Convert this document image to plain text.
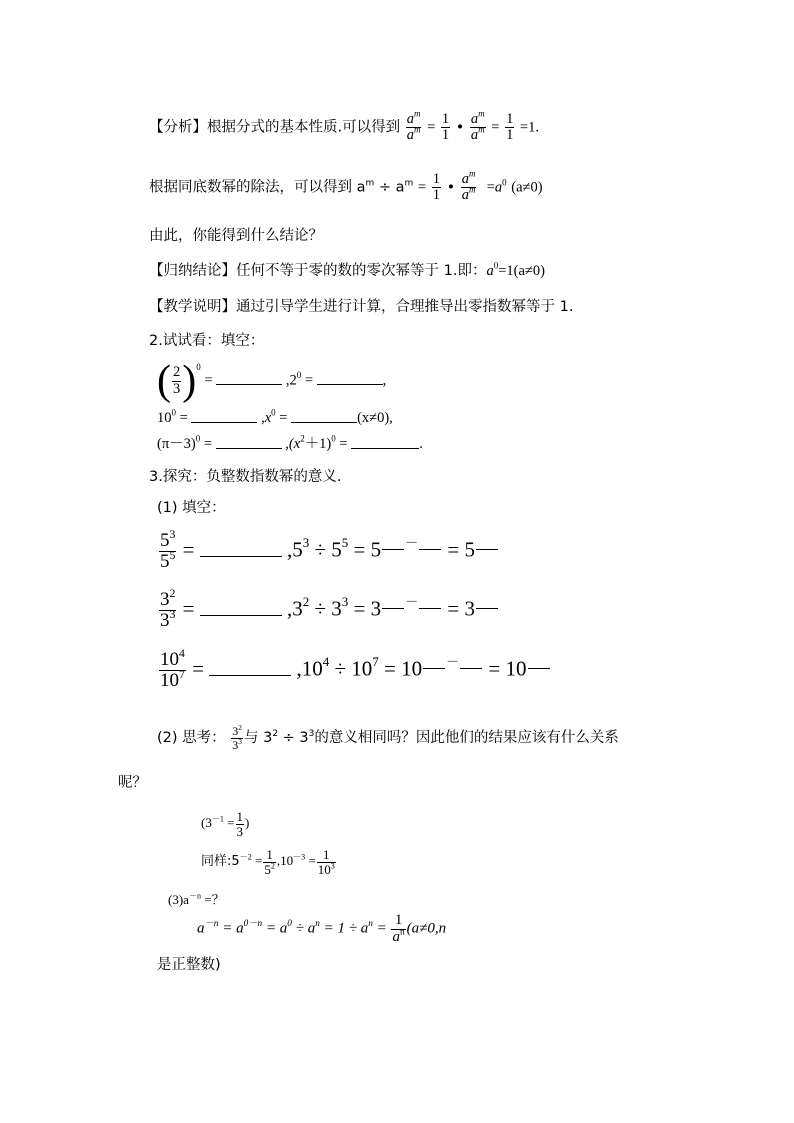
【分析】根据分式的基本性质.可以得到 $\frac{a^m}{a^m} = \frac{1}{1}$ • $\frac{a^m}{a^m} = \frac{1}{1} =1$.
根据同底数幂的除法，可以得到 $a^m \div a^m = \frac{1}{1}$ • $\frac{a^m}{a^m} =a^0$ (a≠0)
由此，你能得到什么结论？
【归纳结论】任何不等于零的数的零次幂等于 1.即：$a^0=1(a\ne 0)$
【教学说明】通过引导学生进行计算，合理推导出零指数幂等于 1.
2.试试看：填空：
( $\frac{2}{3} )^0$ =	$,2^0$ =	,
$10^0$ =	$,x^0$ =	(x≠0),
$(\pi-3)^0$ =	$,(x^2+1)^0$ =	.
3.探究：负整数指数幂的意义.
(1) 填空：
$\frac{5^3}{5^5}$ =	$,5^3 \div 5^5 = 5$ － = 5
$\frac{3^2}{3^3}$ =	$,3^2 \div 3^3 = 3$ － = 3
$\frac{10^4}{10^7}$ =	$,10^4 \div 10^7 = 10$ － = 10
(2) 思考： $\frac{3^2}{3^3}$ 与 $3^2 \div 3^3$的意义相同吗？因此他们的结果应该有什么关系
呢？
($3^{-1} = \frac{1}{3}$ )
同样$:5^{-2} = \frac{1}{5^2} ,10^{-3} = \frac{1}{10^3}$
$(3)a^{-n}$ =？
$a^{-n} = a^{0-n} = a^0 \div a^n = 1 \div a^n = \frac{1}{a^n} (a\ne 0,n$
是正整数)
